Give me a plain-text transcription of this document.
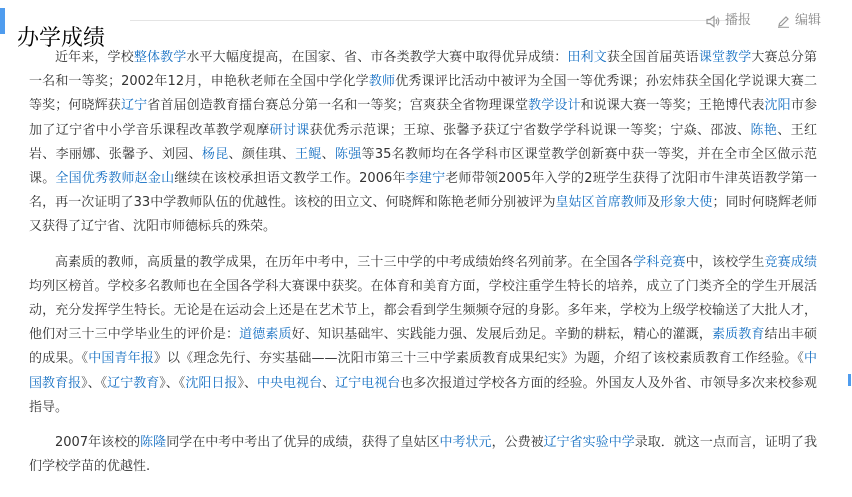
办学成绩
播报	编辑

近年来，学校整体教学水平大幅度提高，在国家、省、市各类教学大赛中取得优异成绩：田利文获全国首届英语课堂教学大赛总分第一名和一等奖；2002年12月，申艳秋老师在全国中学化学教师优秀课评比活动中被评为全国一等优秀课；孙宏炜获全国化学说课大赛二等奖；何晓辉获辽宁省首届创造教育擂台赛总分第一名和一等奖；宫爽获全省物理课堂教学设计和说课大赛一等奖；王艳博代表沈阳市参加了辽宁省中小学音乐课程改革教学观摩研讨课获优秀示范课；王琼、张馨予获辽宁省数学学科说课一等奖；宁焱、邵波、陈艳、王红岩、李丽娜、张馨予、刘园、杨昆、颜佳琪、王鲲、陈强等35名教师均在各学科市区课堂教学创新赛中获一等奖，并在全市全区做示范课。全国优秀教师赵金山继续在该校承担语文教学工作。2006年李建宁老师带领2005年入学的2班学生获得了沈阳市牛津英语教学第一名，再一次证明了33中学教师队伍的优越性。该校的田立文、何晓辉和陈艳老师分别被评为皇姑区首席教师及形象大使；同时何晓辉老师又获得了辽宁省、沈阳市师德标兵的殊荣。

高素质的教师，高质量的教学成果，在历年中考中，三十三中学的中考成绩始终名列前茅。在全国各学科竞赛中，该校学生竞赛成绩均列区榜首。学校多名教师也在全国各学科大赛课中获奖。在体育和美育方面，学校注重学生特长的培养，成立了门类齐全的学生开展活动，充分发挥学生特长。无论是在运动会上还是在艺术节上，都会看到学生频频夺冠的身影。多年来，学校为上级学校输送了大批人才，他们对三十三中学毕业生的评价是：道德素质好、知识基础牢、实践能力强、发展后劲足。辛勤的耕耘，精心的灌溉，素质教育结出丰硕的成果。《中国青年报》以《理念先行、夯实基础——沈阳市第三十三中学素质教育成果纪实》为题，介绍了该校素质教育工作经验。《中国教育报》、《辽宁教育》、《沈阳日报》、中央电视台、辽宁电视台也多次报道过学校各方面的经验。外国友人及外省、市领导多次来校参观指导。

2007年该校的陈隆同学在中考中考出了优异的成绩，获得了皇姑区中考状元，公费被辽宁省实验中学录取．就这一点而言，证明了我们学校学苗的优越性.
